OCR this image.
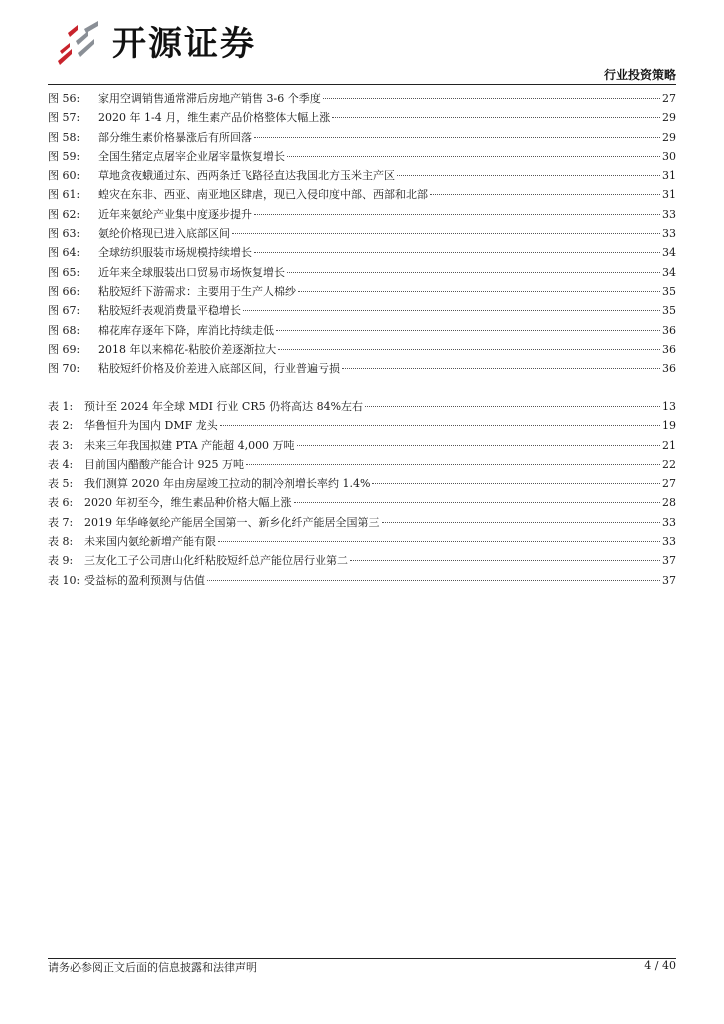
开源证券
行业投资策略
图 56:	家用空调销售通常滞后房地产销售 3-6 个季度	27
图 57:	2020 年 1-4 月，维生素产品价格整体大幅上涨	29
图 58:	部分维生素价格暴涨后有所回落	29
图 59:	全国生猪定点屠宰企业屠宰量恢复增长	30
图 60:	草地贪夜蛾通过东、西两条迁飞路径直达我国北方玉米主产区	31
图 61:	蝗灾在东非、西亚、南亚地区肆虐，现已入侵印度中部、西部和北部	31
图 62:	近年来氨纶产业集中度逐步提升	33
图 63:	氨纶价格现已进入底部区间	33
图 64:	全球纺织服装市场规模持续增长	34
图 65:	近年来全球服装出口贸易市场恢复增长	34
图 66:	粘胶短纤下游需求：主要用于生产人棉纱	35
图 67:	粘胶短纤表观消费量平稳增长	35
图 68:	棉花库存逐年下降，库消比持续走低	36
图 69:	2018 年以来棉花-粘胶价差逐渐拉大	36
图 70:	粘胶短纤价格及价差进入底部区间，行业普遍亏损	36
表 1: 预计至 2024 年全球 MDI 行业 CR5 仍将高达 84%左右	13
表 2: 华鲁恒升为国内 DMF 龙头	19
表 3: 未来三年我国拟建 PTA 产能超 4,000 万吨	21
表 4: 目前国内醋酸产能合计 925 万吨	22
表 5: 我们测算 2020 年由房屋竣工拉动的制冷剂增长率约 1.4%	27
表 6: 2020 年初至今，维生素品种价格大幅上涨	28
表 7: 2019 年华峰氨纶产能居全国第一、新乡化纤产能居全国第三	33
表 8: 未来国内氨纶新增产能有限	33
表 9: 三友化工子公司唐山化纤粘胶短纤总产能位居行业第二	37
表 10: 受益标的盈利预测与估值	37
请务必参阅正文后面的信息披露和法律声明	4 / 40
